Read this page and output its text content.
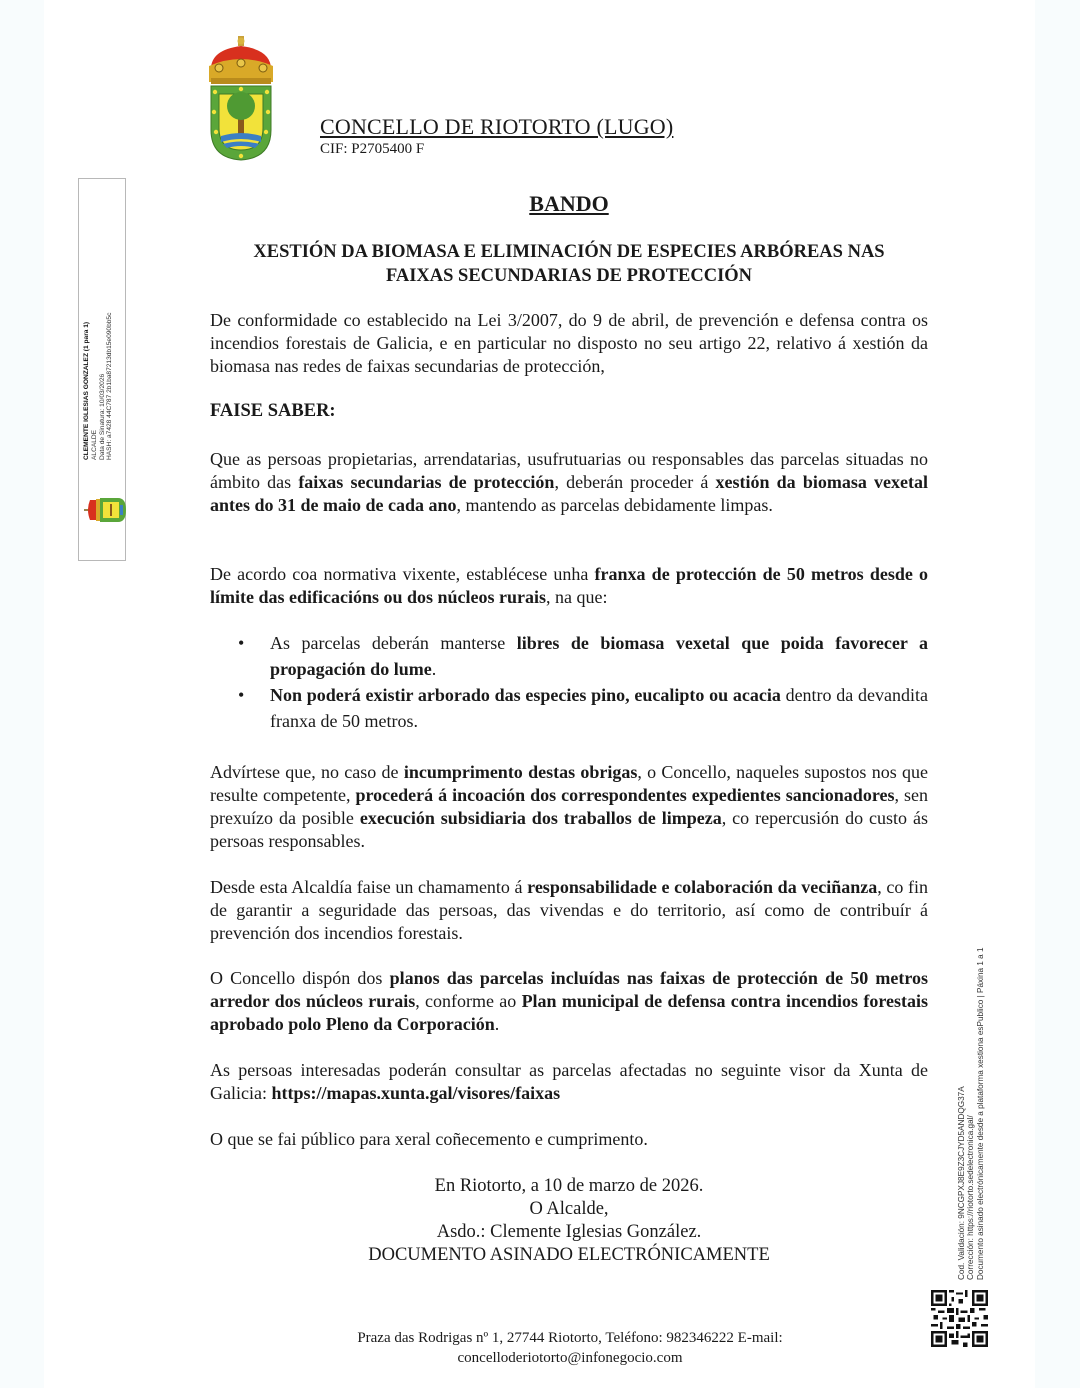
CONCELLO DE RIOTORTO (LUGO)
CIF: P2705400 F
BANDO
XESTIÓN DA BIOMASA E ELIMINACIÓN DE ESPECIES ARBÓREAS NAS
FAIXAS SECUNDARIAS DE PROTECCIÓN
De conformidade co establecido na Lei 3/2007, do 9 de abril, de prevención e defensa contra os incendios forestais de Galicia, e en particular no disposto no seu artigo 22, relativo á xestión da biomasa nas redes de faixas secundarias de protección,
FAISE SABER:
Que as persoas propietarias, arrendatarias, usufrutuarias ou responsables das parcelas situadas no ámbito das faixas secundarias de protección, deberán proceder á xestión da biomasa vexetal antes do 31 de maio de cada ano, mantendo as parcelas debidamente limpas.
De acordo coa normativa vixente, establécese unha franxa de protección de 50 metros desde o límite das edificacións ou dos núcleos rurais, na que:
• As parcelas deberán manterse libres de biomasa vexetal que poida favorecer a propagación do lume.
• Non poderá existir arborado das especies pino, eucalipto ou acacia dentro da devandita franxa de 50 metros.
Advírtese que, no caso de incumprimento destas obrigas, o Concello, naqueles supostos nos que resulte competente, procederá á incoación dos correspondentes expedientes sancionadores, sen prexuízo da posible execución subsidiaria dos traballos de limpeza, co repercusión do custo ás persoas responsables.
Desde esta Alcaldía faise un chamamento á responsabilidade e colaboración da veciñanza, co fin de garantir a seguridade das persoas, das vivendas e do territorio, así como de contribuír á prevención dos incendios forestais.
O Concello dispón dos planos das parcelas incluídas nas faixas de protección de 50 metros arredor dos núcleos rurais, conforme ao Plan municipal de defensa contra incendios forestais aprobado polo Pleno da Corporación.
As persoas interesadas poderán consultar as parcelas afectadas no seguinte visor da Xunta de Galicia: https://mapas.xunta.gal/visores/faixas
O que se fai público para xeral coñecemento e cumprimento.
En Riotorto, a 10 de marzo de 2026.
O Alcalde,
Asdo.: Clemente Iglesias González.
DOCUMENTO ASINADO ELECTRÓNICAMENTE
Praza das Rodrigas nº 1, 27744 Riotorto, Teléfono: 982346222 E-mail:
concelloderiotorto@infonegocio.com
CLEMENTE IGLESIAS GONZALEZ (1 para 1) ALCALDE Data de Sinatura: 10/03/2026 HASH: a7428 44C787 2b1ba87213db15e090bb5c
Cod. Validación: 9NCGPXJ8E9Z3CJYD5ANDQG37A Corrección: https://riotorto.sedelectronica.gal/ Documento asinado electrónicamente desde a plataforma xestiona esPublico | Páxina 1 a 1
